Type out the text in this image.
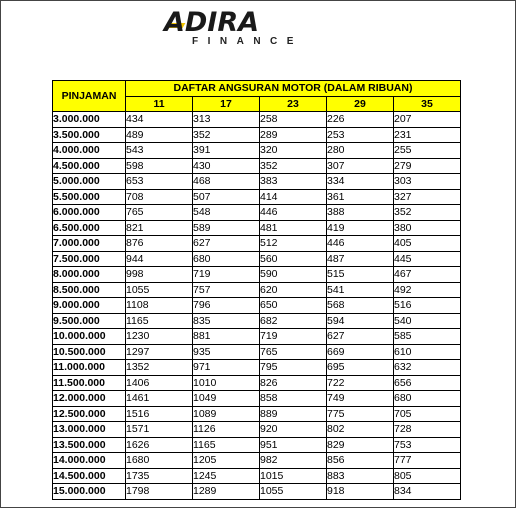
ADIRA
FINANCE
PINJAMAN	DAFTAR ANGSURAN MOTOR (DALAM RIBUAN)				
	11	17	23	29	35
3.000.000	434	313	258	226	207
3.500.000	489	352	289	253	231
4.000.000	543	391	320	280	255
4.500.000	598	430	352	307	279
5.000.000	653	468	383	334	303
5.500.000	708	507	414	361	327
6.000.000	765	548	446	388	352
6.500.000	821	589	481	419	380
7.000.000	876	627	512	446	405
7.500.000	944	680	560	487	445
8.000.000	998	719	590	515	467
8.500.000	1055	757	620	541	492
9.000.000	1108	796	650	568	516
9.500.000	1165	835	682	594	540
10.000.000	1230	881	719	627	585
10.500.000	1297	935	765	669	610
11.000.000	1352	971	795	695	632
11.500.000	1406	1010	826	722	656
12.000.000	1461	1049	858	749	680
12.500.000	1516	1089	889	775	705
13.000.000	1571	1126	920	802	728
13.500.000	1626	1165	951	829	753
14.000.000	1680	1205	982	856	777
14.500.000	1735	1245	1015	883	805
15.000.000	1798	1289	1055	918	834
